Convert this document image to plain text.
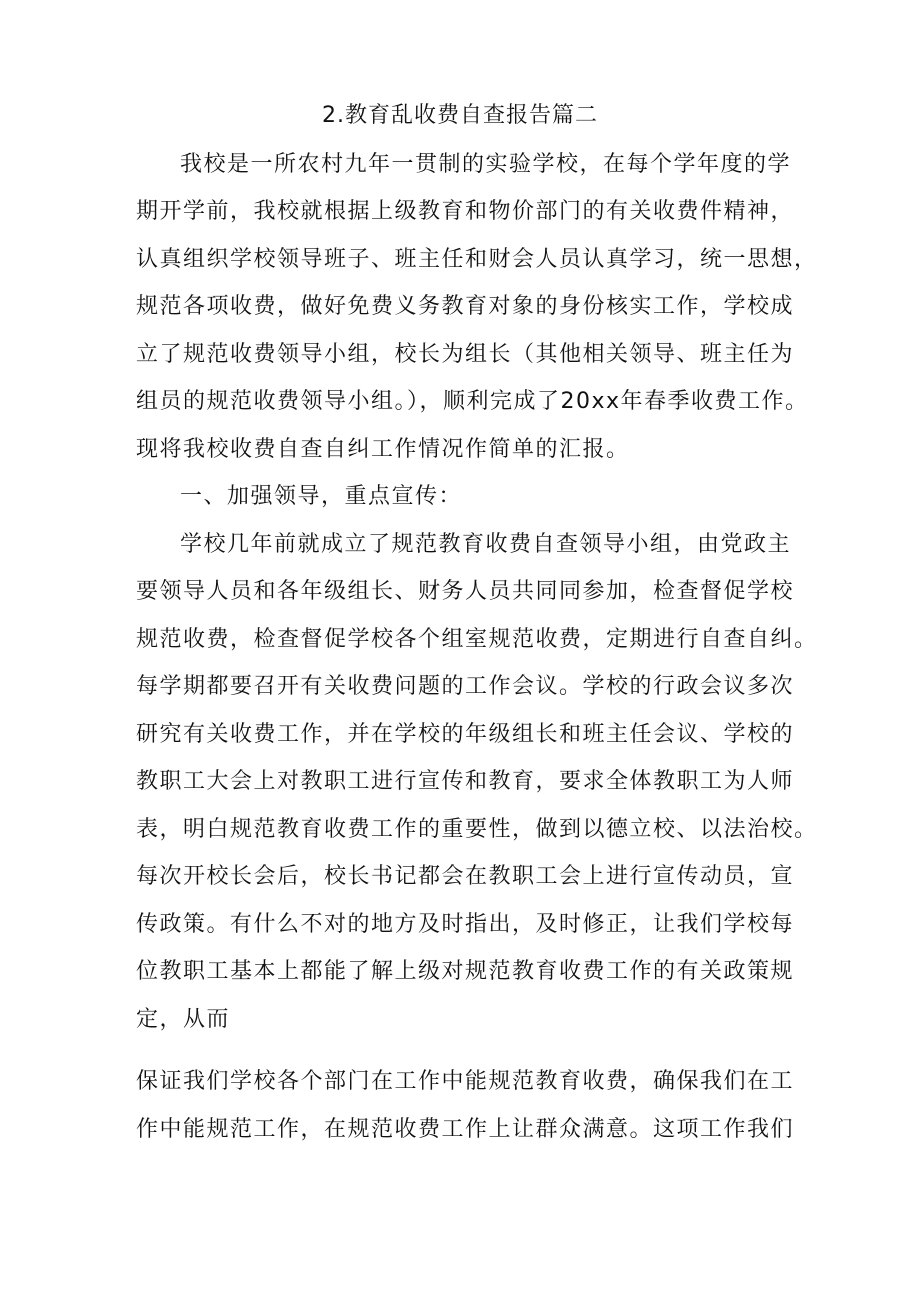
2.教育乱收费自查报告篇二

我校是一所农村九年一贯制的实验学校，在每个学年度的学

期开学前，我校就根据上级教育和物价部门的有关收费件精神，

认真组织学校领导班子、班主任和财会人员认真学习，统一思想，

规范各项收费，做好免费义务教育对象的身份核实工作，学校成

立了规范收费领导小组，校长为组长（其他相关领导、班主任为

组员的规范收费领导小组。），顺利完成了20xx年春季收费工作。

现将我校收费自查自纠工作情况作简单的汇报。

一、加强领导，重点宣传：

学校几年前就成立了规范教育收费自查领导小组，由党政主

要领导人员和各年级组长、财务人员共同同参加，检查督促学校

规范收费，检查督促学校各个组室规范收费，定期进行自查自纠。

每学期都要召开有关收费问题的工作会议。学校的行政会议多次

研究有关收费工作，并在学校的年级组长和班主任会议、学校的

教职工大会上对教职工进行宣传和教育，要求全体教职工为人师

表，明白规范教育收费工作的重要性，做到以德立校、以法治校。

每次开校长会后，校长书记都会在教职工会上进行宣传动员，宣

传政策。有什么不对的地方及时指出，及时修正，让我们学校每

位教职工基本上都能了解上级对规范教育收费工作的有关政策规

定，从而

保证我们学校各个部门在工作中能规范教育收费，确保我们在工

作中能规范工作，在规范收费工作上让群众满意。这项工作我们
